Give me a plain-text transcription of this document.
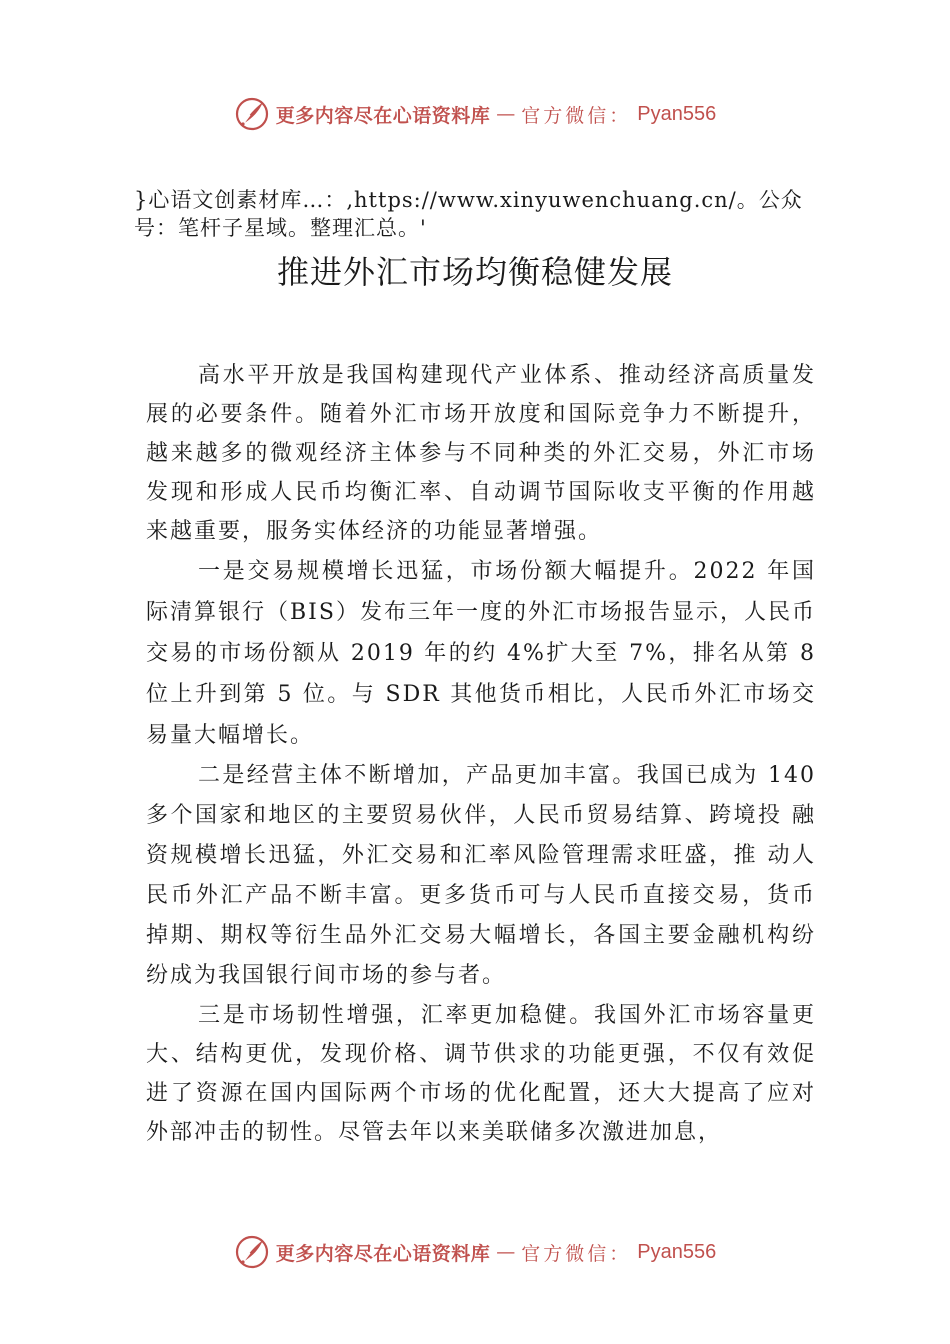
更多内容尽在心语资料库 — 官方微信： Pyan556
}心语文创素材库…：,https://www.xinyuwenchuang.cn/。公众号：笔杆子星域。整理汇总。'
推进外汇市场均衡稳健发展

高水平开放是我国构建现代产业体系、推动经济高质量发展的必要条件。随着外汇市场开放度和国际竞争力不断提升，越来越多的微观经济主体参与不同种类的外汇交易，外汇市场发现和形成人民币均衡汇率、自动调节国际收支平衡的作用越来越重要，服务实体经济的功能显著增强。

一是交易规模增长迅猛，市场份额大幅提升。2022 年国际清算银行（BIS）发布三年一度的外汇市场报告显示，人民币交易的市场份额从 2019 年的约 4%扩大至 7%，排名从第 8 位上升到第 5 位。与 SDR 其他货币相比，人民币外汇市场交易量大幅增长。

二是经营主体不断增加，产品更加丰富。我国已成为 140 多个国家和地区的主要贸易伙伴，人民币贸易结算、跨境投 融资规模增长迅猛，外汇交易和汇率风险管理需求旺盛，推 动人民币外汇产品不断丰富。更多货币可与人民币直接交易，货币掉期、期权等衍生品外汇交易大幅增长，各国主要金融机构纷纷成为我国银行间市场的参与者。

三是市场韧性增强，汇率更加稳健。我国外汇市场容量更大、结构更优，发现价格、调节供求的功能更强，不仅有效促进了资源在国内国际两个市场的优化配置，还大大提高了应对外部冲击的韧性。尽管去年以来美联储多次激进加息，

更多内容尽在心语资料库 — 官方微信： Pyan556
